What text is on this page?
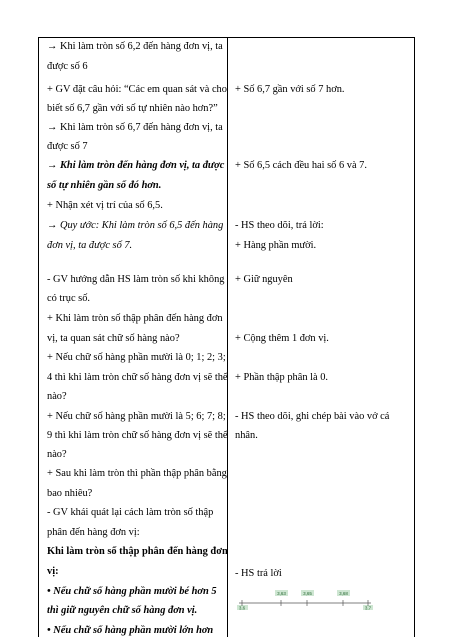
→ Khi làm tròn số 6,2 đến hàng đơn vị, ta
được số 6
+ GV đặt câu hỏi: “Các em quan sát và cho
biết số 6,7 gần với số tự nhiên nào hơn?”
→ Khi làm tròn số 6,7 đến hàng đơn vị, ta
được số 7
→ Khi làm tròn đến hàng đơn vị, ta được
số tự nhiên gần số đó hơn.
+ Nhận xét vị trí của số 6,5.
→ Quy ước: Khi làm tròn số 6,5 đến hàng
đơn vị, ta được số 7.
- GV hướng dẫn HS làm tròn số khi không
có trục số.
+ Khi làm tròn số thập phân đến hàng đơn
vị, ta quan sát chữ số hàng nào?
+ Nếu chữ số hàng phần mười là 0; 1; 2; 3;
4 thì khi làm tròn chữ số hàng đơn vị sẽ thế
nào?
+ Nếu chữ số hàng phần mười là 5; 6; 7; 8;
9 thì khi làm tròn chữ số hàng đơn vị sẽ thế
nào?
+ Sau khi làm tròn thì phần thập phân bằng
bao nhiêu?
- GV khái quát lại cách làm tròn số thập
phân đến hàng đơn vị:
Khi làm tròn số thập phân đến hàng đơn
vị:
• Nếu chữ số hàng phần mười bé hơn 5
thì giữ nguyên chữ số hàng đơn vị.
• Nếu chữ số hàng phần mười lớn hơn
+ Số 6,7 gần với số 7 hơn.
+ Số 6,5 cách đều hai số 6 và 7.
- HS theo dõi, trả lời:
+ Hàng phần mười.
+ Giữ nguyên
+ Cộng thêm 1 đơn vị.
+ Phần thập phân là 0.
- HS theo dõi, ghi chép bài vào vở cá
nhân.
- HS trả lời
3,6
3,63	3,65	3,68
3,7
